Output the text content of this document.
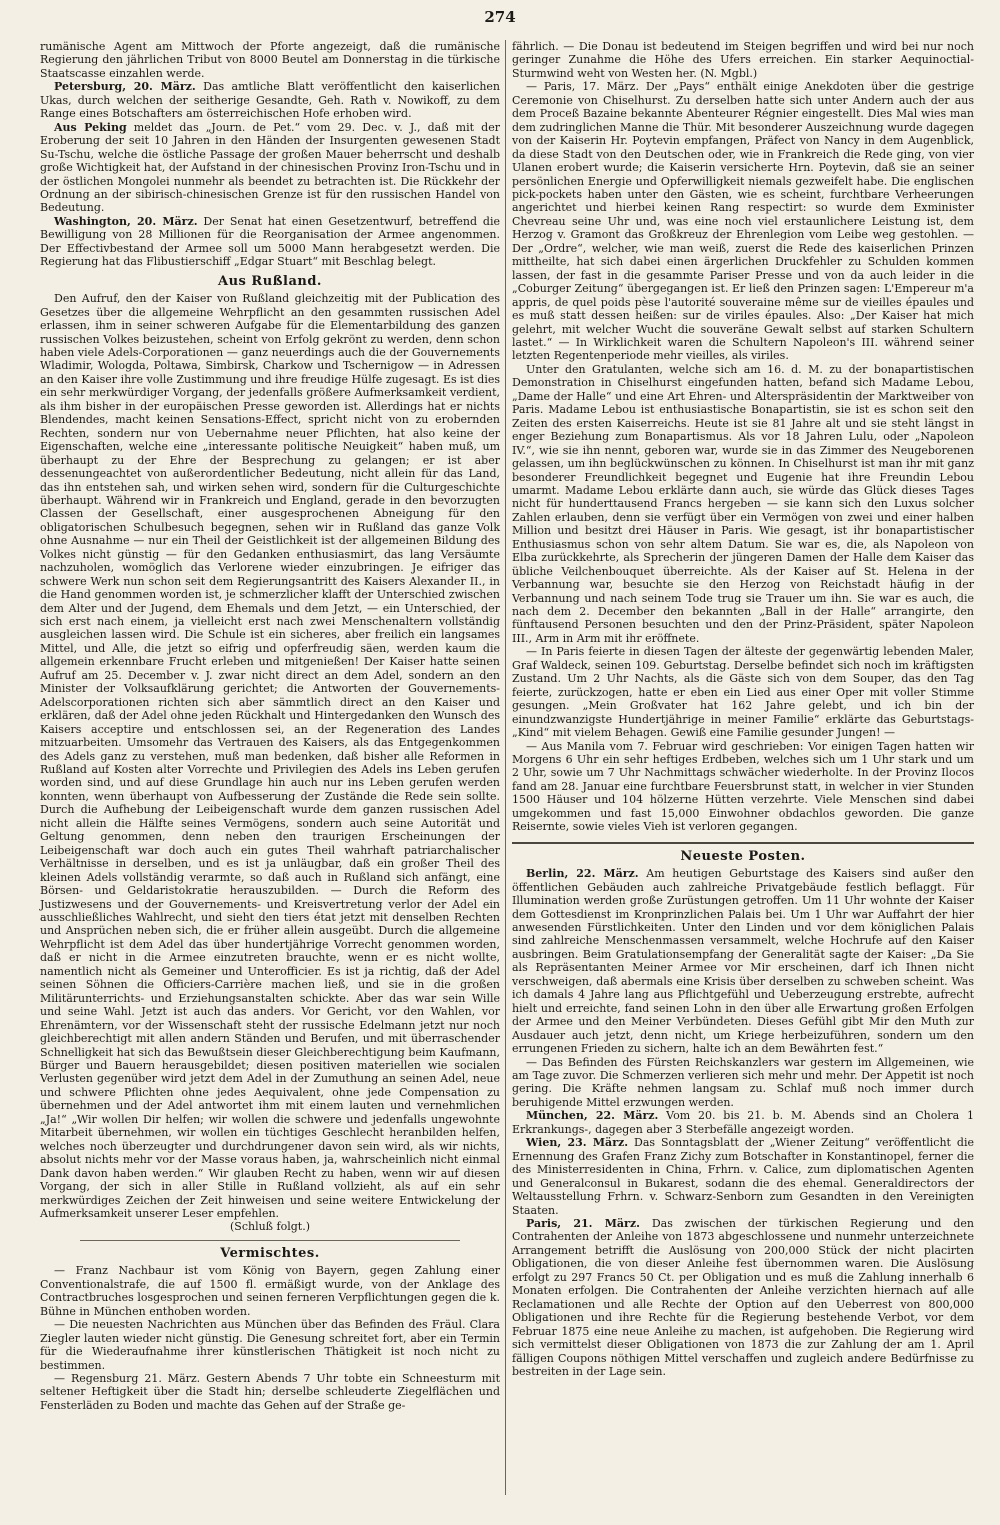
274

rumänische Agent am Mittwoch der Pforte angezeigt, daß die rumänische Regierung den jährlichen Tribut von 8000 Beutel am Donnerstag in die türkische Staatscasse einzahlen werde.

Petersburg, 20. März. Das amtliche Blatt veröffentlicht den kaiserlichen Ukas, durch welchen der seitherige Gesandte, Geh. Rath v. Nowikoff, zu dem Range eines Botschafters am österreichischen Hofe erhoben wird.

Aus Peking meldet das „Journ. de Pet.“ vom 29. Dec. v. J., daß mit der Eroberung der seit 10 Jahren in den Händen der Insurgenten gewesenen Stadt Su-Tschu, welche die östliche Passage der großen Mauer beherrscht und deshalb große Wichtigkeit hat, der Aufstand in der chinesischen Provinz Iron-Tschu und in der östlichen Mongolei nunmehr als beendet zu betrachten ist. Die Rückkehr der Ordnung an der sibirisch-chinesischen Grenze ist für den russischen Handel von Bedeutung.

Washington, 20. März. Der Senat hat einen Gesetzentwurf, betreffend die Bewilligung von 28 Millionen für die Reorganisation der Armee angenommen. Der Effectivbestand der Armee soll um 5000 Mann herabgesetzt werden. Die Regierung hat das Flibustierschiff „Edgar Stuart“ mit Beschlag belegt.

Aus Rußland.

Den Aufruf, den der Kaiser von Rußland gleichzeitig mit der Publication des Gesetzes über die allgemeine Wehrpflicht an den gesammten russischen Adel erlassen, ihm in seiner schweren Aufgabe für die Elementarbildung des ganzen russischen Volkes beizustehen, scheint von Erfolg gekrönt zu werden, denn schon haben viele Adels-Corporationen — ganz neuerdings auch die der Gouvernements Wladimir, Wologda, Poltawa, Simbirsk, Charkow und Tschernigow — in Adressen an den Kaiser ihre volle Zustimmung und ihre freudige Hülfe zugesagt. Es ist dies ein sehr merkwürdiger Vorgang, der jedenfalls größere Aufmerksamkeit verdient, als ihm bisher in der europäischen Presse geworden ist. Allerdings hat er nichts Blendendes, macht keinen Sensations-Effect, spricht nicht von zu erobernden Rechten, sondern nur von Uebernahme neuer Pflichten, hat also keine der Eigenschaften, welche eine „interessante politische Neuigkeit“ haben muß, um überhaupt zu der Ehre der Besprechung zu gelangen; er ist aber dessenungeachtet von außerordentlicher Bedeutung, nicht allein für das Land, das ihn entstehen sah, und wirken sehen wird, sondern für die Culturgeschichte überhaupt. Während wir in Frankreich und England, gerade in den bevorzugten Classen der Gesellschaft, einer ausgesprochenen Abneigung für den obligatorischen Schulbesuch begegnen, sehen wir in Rußland das ganze Volk ohne Ausnahme — nur ein Theil der Geistlichkeit ist der allgemeinen Bildung des Volkes nicht günstig — für den Gedanken enthusiasmirt, das lang Versäumte nachzuholen, womöglich das Verlorene wieder einzubringen. Je eifriger das schwere Werk nun schon seit dem Regierungsantritt des Kaisers Alexander II., in die Hand genommen worden ist, je schmerzlicher klafft der Unterschied zwischen dem Alter und der Jugend, dem Ehemals und dem Jetzt, — ein Unterschied, der sich erst nach einem, ja vielleicht erst nach zwei Menschenaltern vollständig ausgleichen lassen wird. Die Schule ist ein sicheres, aber freilich ein langsames Mittel, und Alle, die jetzt so eifrig und opferfreudig säen, werden kaum die allgemein erkennbare Frucht erleben und mitgenießen! Der Kaiser hatte seinen Aufruf am 25. December v. J. zwar nicht direct an dem Adel, sondern an den Minister der Volksaufklärung gerichtet; die Antworten der Gouvernements-Adelscorporationen richten sich aber sämmtlich direct an den Kaiser und erklären, daß der Adel ohne jeden Rückhalt und Hintergedanken den Wunsch des Kaisers acceptire und entschlossen sei, an der Regeneration des Landes mitzuarbeiten. Umsomehr das Vertrauen des Kaisers, als das Entgegenkommen des Adels ganz zu verstehen, muß man bedenken, daß bisher alle Reformen in Rußland auf Kosten alter Vorrechte und Privilegien des Adels ins Leben gerufen worden sind, und auf diese Grundlage hin auch nur ins Leben gerufen werden konnten, wenn überhaupt von Aufbesserung der Zustände die Rede sein sollte. Durch die Aufhebung der Leibeigenschaft wurde dem ganzen russischen Adel nicht allein die Hälfte seines Vermögens, sondern auch seine Autorität und Geltung genommen, denn neben den traurigen Erscheinungen der Leibeigenschaft war doch auch ein gutes Theil wahrhaft patriarchalischer Verhältnisse in derselben, und es ist ja unläugbar, daß ein großer Theil des kleinen Adels vollständig verarmte, so daß auch in Rußland sich anfängt, eine Börsen- und Geldaristokratie herauszubilden. — Durch die Reform des Justizwesens und der Gouvernements- und Kreisvertretung verlor der Adel ein ausschließliches Wahlrecht, und sieht den tiers état jetzt mit denselben Rechten und Ansprüchen neben sich, die er früher allein ausgeübt. Durch die allgemeine Wehrpflicht ist dem Adel das über hundertjährige Vorrecht genommen worden, daß er nicht in die Armee einzutreten brauchte, wenn er es nicht wollte, namentlich nicht als Gemeiner und Unterofficier. Es ist ja richtig, daß der Adel seinen Söhnen die Officiers-Carrière machen ließ, und sie in die großen Militärunterrichts- und Erziehungsanstalten schickte. Aber das war sein Wille und seine Wahl. Jetzt ist auch das anders. Vor Gericht, vor den Wahlen, vor Ehrenämtern, vor der Wissenschaft steht der russische Edelmann jetzt nur noch gleichberechtigt mit allen andern Ständen und Berufen, und mit überraschender Schnelligkeit hat sich das Bewußtsein dieser Gleichberechtigung beim Kaufmann, Bürger und Bauern herausgebildet; diesen positiven materiellen wie socialen Verlusten gegenüber wird jetzt dem Adel in der Zumuthung an seinen Adel, neue und schwere Pflichten ohne jedes Aequivalent, ohne jede Compensation zu übernehmen und der Adel antwortet ihm mit einem lauten und vernehmlichen „Ja!“ „Wir wollen Dir helfen; wir wollen die schwere und jedenfalls ungewohnte Mitarbeit übernehmen, wir wollen ein tüchtiges Geschlecht heranbilden helfen, welches noch überzeugter und durchdrungener davon sein wird, als wir nichts, absolut nichts mehr vor der Masse voraus haben, ja, wahrscheinlich nicht einmal Dank davon haben werden.“ Wir glauben Recht zu haben, wenn wir auf diesen Vorgang, der sich in aller Stille in Rußland vollzieht, als auf ein sehr merkwürdiges Zeichen der Zeit hinweisen und seine weitere Entwickelung der Aufmerksamkeit unserer Leser empfehlen.

(Schluß folgt.)

Vermischtes.

— Franz Nachbaur ist vom König von Bayern, gegen Zahlung einer Conventionalstrafe, die auf 1500 fl. ermäßigt wurde, von der Anklage des Contractbruches losgesprochen und seinen ferneren Verpflichtungen gegen die k. Bühne in München enthoben worden.

— Die neuesten Nachrichten aus München über das Befinden des Fräul. Clara Ziegler lauten wieder nicht günstig. Die Genesung schreitet fort, aber ein Termin für die Wiederaufnahme ihrer künstlerischen Thätigkeit ist noch nicht zu bestimmen.

— Regensburg 21. März. Gestern Abends 7 Uhr tobte ein Schneesturm mit seltener Heftigkeit über die Stadt hin; derselbe schleuderte Ziegelflächen und Fensterläden zu Boden und machte das Gehen auf der Straße ge-

fährlich. — Die Donau ist bedeutend im Steigen begriffen und wird bei nur noch geringer Zunahme die Höhe des Ufers erreichen. Ein starker Aequinoctial-Sturmwind weht von Westen her. (N. Mgbl.)

— Paris, 17. März. Der „Pays“ enthält einige Anekdoten über die gestrige Ceremonie von Chiselhurst. Zu derselben hatte sich unter Andern auch der aus dem Proceß Bazaine bekannte Abenteurer Régnier eingestellt. Dies Mal wies man dem zudringlichen Manne die Thür. Mit besonderer Auszeichnung wurde dagegen von der Kaiserin Hr. Poytevin empfangen, Präfect von Nancy in dem Augenblick, da diese Stadt von den Deutschen oder, wie in Frankreich die Rede ging, von vier Ulanen erobert wurde; die Kaiserin versicherte Hrn. Poytevin, daß sie an seiner persönlichen Energie und Opferwilligkeit niemals gezweifelt habe. Die englischen pick-pockets haben unter den Gästen, wie es scheint, furchtbare Verheerungen angerichtet und hierbei keinen Rang respectirt: so wurde dem Exminister Chevreau seine Uhr und, was eine noch viel erstaunlichere Leistung ist, dem Herzog v. Gramont das Großkreuz der Ehrenlegion vom Leibe weg gestohlen. — Der „Ordre“, welcher, wie man weiß, zuerst die Rede des kaiserlichen Prinzen mittheilte, hat sich dabei einen ärgerlichen Druckfehler zu Schulden kommen lassen, der fast in die gesammte Pariser Presse und von da auch leider in die „Coburger Zeitung“ übergegangen ist. Er ließ den Prinzen sagen: L'Empereur m'a appris, de quel poids pèse l'autorité souveraine même sur de vieilles épaules und es muß statt dessen heißen: sur de viriles épaules. Also: „Der Kaiser hat mich gelehrt, mit welcher Wucht die souveräne Gewalt selbst auf starken Schultern lastet.“ — In Wirklichkeit waren die Schultern Napoleon's III. während seiner letzten Regentenperiode mehr vieilles, als viriles.

Unter den Gratulanten, welche sich am 16. d. M. zu der bonapartistischen Demonstration in Chiselhurst eingefunden hatten, befand sich Madame Lebou, „Dame der Halle“ und eine Art Ehren- und Alterspräsidentin der Marktweiber von Paris. Madame Lebou ist enthusiastische Bonapartistin, sie ist es schon seit den Zeiten des ersten Kaiserreichs. Heute ist sie 81 Jahre alt und sie steht längst in enger Beziehung zum Bonapartismus. Als vor 18 Jahren Lulu, oder „Napoleon IV.“, wie sie ihn nennt, geboren war, wurde sie in das Zimmer des Neugeborenen gelassen, um ihn beglückwünschen zu können. In Chiselhurst ist man ihr mit ganz besonderer Freundlichkeit begegnet und Eugenie hat ihre Freundin Lebou umarmt. Madame Lebou erklärte dann auch, sie würde das Glück dieses Tages nicht für hunderttausend Francs hergeben — sie kann sich den Luxus solcher Zahlen erlauben, denn sie verfügt über ein Vermögen von zwei und einer halben Million und besitzt drei Häuser in Paris. Wie gesagt, ist ihr bonapartistischer Enthusiasmus schon von sehr altem Datum. Sie war es, die, als Napoleon von Elba zurückkehrte, als Sprecherin der jüngeren Damen der Halle dem Kaiser das übliche Veilchenbouquet überreichte. Als der Kaiser auf St. Helena in der Verbannung war, besuchte sie den Herzog von Reichstadt häufig in der Verbannung und nach seinem Tode trug sie Trauer um ihn. Sie war es auch, die nach dem 2. December den bekannten „Ball in der Halle“ arrangirte, den fünftausend Personen besuchten und den der Prinz-Präsident, später Napoleon III., Arm in Arm mit ihr eröffnete.

— In Paris feierte in diesen Tagen der älteste der gegenwärtig lebenden Maler, Graf Waldeck, seinen 109. Geburtstag. Derselbe befindet sich noch im kräftigsten Zustand. Um 2 Uhr Nachts, als die Gäste sich von dem Souper, das den Tag feierte, zurückzogen, hatte er eben ein Lied aus einer Oper mit voller Stimme gesungen. „Mein Großvater hat 162 Jahre gelebt, und ich bin der einundzwanzigste Hundertjährige in meiner Familie“ erklärte das Geburtstags-„Kind“ mit vielem Behagen. Gewiß eine Familie gesunder Jungen! —

— Aus Manila vom 7. Februar wird geschrieben: Vor einigen Tagen hatten wir Morgens 6 Uhr ein sehr heftiges Erdbeben, welches sich um 1 Uhr stark und um 2 Uhr, sowie um 7 Uhr Nachmittags schwächer wiederholte. In der Provinz Ilocos fand am 28. Januar eine furchtbare Feuersbrunst statt, in welcher in vier Stunden 1500 Häuser und 104 hölzerne Hütten verzehrte. Viele Menschen sind dabei umgekommen und fast 15,000 Einwohner obdachlos geworden. Die ganze Reisernte, sowie vieles Vieh ist verloren gegangen.

Neueste Posten.

Berlin, 22. März. Am heutigen Geburtstage des Kaisers sind außer den öffentlichen Gebäuden auch zahlreiche Privatgebäude festlich beflaggt. Für Illumination werden große Zurüstungen getroffen. Um 11 Uhr wohnte der Kaiser dem Gottesdienst im Kronprinzlichen Palais bei. Um 1 Uhr war Auffahrt der hier anwesenden Fürstlichkeiten. Unter den Linden und vor dem königlichen Palais sind zahlreiche Menschenmassen versammelt, welche Hochrufe auf den Kaiser ausbringen. Beim Gratulationsempfang der Generalität sagte der Kaiser: „Da Sie als Repräsentanten Meiner Armee vor Mir erscheinen, darf ich Ihnen nicht verschweigen, daß abermals eine Krisis über derselben zu schweben scheint. Was ich damals 4 Jahre lang aus Pflichtgefühl und Ueberzeugung erstrebte, aufrecht hielt und erreichte, fand seinen Lohn in den über alle Erwartung großen Erfolgen der Armee und den Meiner Verbündeten. Dieses Gefühl gibt Mir den Muth zur Ausdauer auch jetzt, denn nicht, um Kriege herbeizuführen, sondern um den errungenen Frieden zu sichern, halte ich an dem Bewährten fest.“

— Das Befinden des Fürsten Reichskanzlers war gestern im Allgemeinen, wie am Tage zuvor. Die Schmerzen verlieren sich mehr und mehr. Der Appetit ist noch gering. Die Kräfte nehmen langsam zu. Schlaf muß noch immer durch beruhigende Mittel erzwungen werden.

München, 22. März. Vom 20. bis 21. b. M. Abends sind an Cholera 1 Erkrankungs-, dagegen aber 3 Sterbefälle angezeigt worden.

Wien, 23. März. Das Sonntagsblatt der „Wiener Zeitung“ veröffentlicht die Ernennung des Grafen Franz Zichy zum Botschafter in Konstantinopel, ferner die des Ministerresidenten in China, Frhrn. v. Calice, zum diplomatischen Agenten und Generalconsul in Bukarest, sodann die des ehemal. Generaldirectors der Weltausstellung Frhrn. v. Schwarz-Senborn zum Gesandten in den Vereinigten Staaten.

Paris, 21. März. Das zwischen der türkischen Regierung und den Contrahenten der Anleihe von 1873 abgeschlossene und nunmehr unterzeichnete Arrangement betrifft die Auslösung von 200,000 Stück der nicht placirten Obligationen, die von dieser Anleihe fest übernommen waren. Die Auslösung erfolgt zu 297 Francs 50 Ct. per Obligation und es muß die Zahlung innerhalb 6 Monaten erfolgen. Die Contrahenten der Anleihe verzichten hiernach auf alle Reclamationen und alle Rechte der Option auf den Ueberrest von 800,000 Obligationen und ihre Rechte für die Regierung bestehende Verbot, vor dem Februar 1875 eine neue Anleihe zu machen, ist aufgehoben. Die Regierung wird sich vermittelst dieser Obligationen von 1873 die zur Zahlung der am 1. April fälligen Coupons nöthigen Mittel verschaffen und zugleich andere Bedürfnisse zu bestreiten in der Lage sein.
